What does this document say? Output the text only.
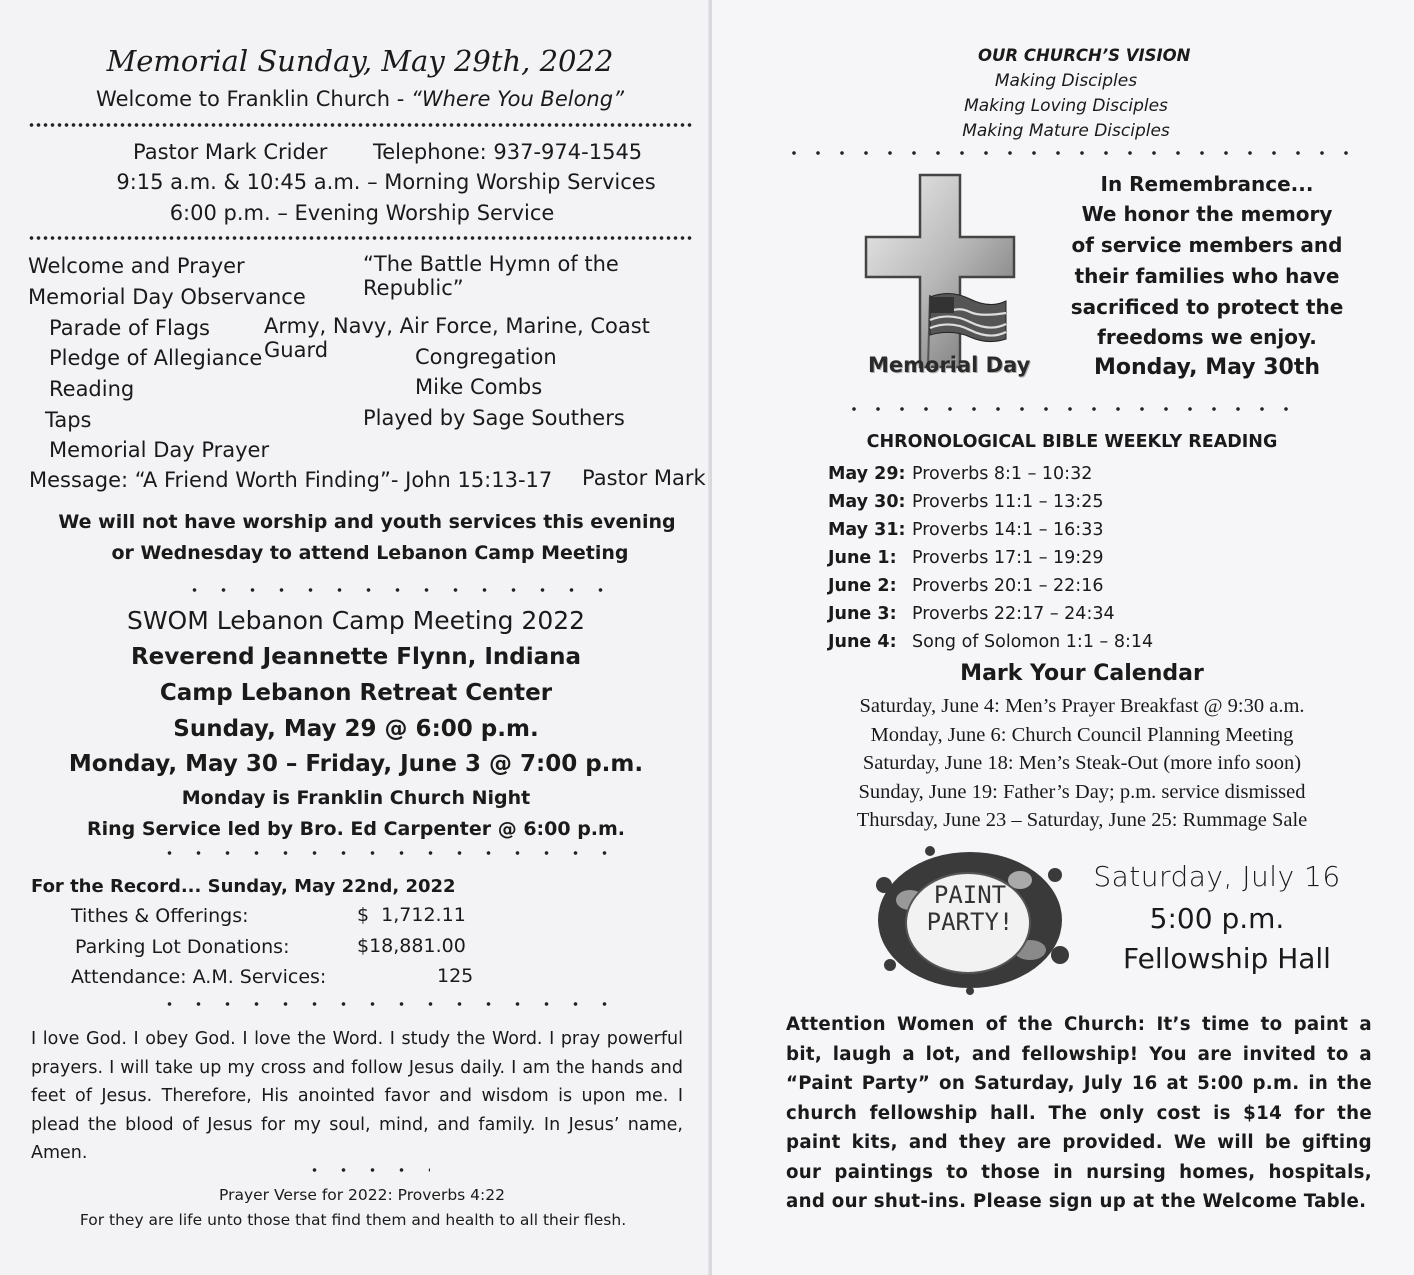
Memorial Sunday, May 29th, 2022
Welcome to Franklin Church - “Where You Belong”
Pastor Mark Crider Telephone: 937-974-1545
9:15 a.m. & 10:45 a.m. – Morning Worship Services
6:00 p.m. – Evening Worship Service
Welcome and Prayer	“The Battle Hymn of the Republic”
Memorial Day Observance
Parade of Flags	Army, Navy, Air Force, Marine, Coast Guard
Pledge of Allegiance	Congregation
Reading	Mike Combs
Taps	Played by Sage Southers
Memorial Day Prayer
Message: “A Friend Worth Finding”- John 15:13-17 Pastor Mark
We will not have worship and youth services this evening
or Wednesday to attend Lebanon Camp Meeting
SWOM Lebanon Camp Meeting 2022
Reverend Jeannette Flynn, Indiana
Camp Lebanon Retreat Center
Sunday, May 29 @ 6:00 p.m.
Monday, May 30 – Friday, June 3 @ 7:00 p.m.
Monday is Franklin Church Night
Ring Service led by Bro. Ed Carpenter @ 6:00 p.m.
For the Record... Sunday, May 22nd, 2022
Tithes & Offerings:	$  1,712.11
Parking Lot Donations:	$18,881.00
Attendance: A.M. Services:	125
I love God. I obey God. I love the Word. I study the Word. I pray powerful prayers. I will take up my cross and follow Jesus daily. I am the hands and feet of Jesus. Therefore, His anointed favor and wisdom is upon me. I plead the blood of Jesus for my soul, mind, and family. In Jesus’ name, Amen.
Prayer Verse for 2022: Proverbs 4:22
For they are life unto those that find them and health to all their flesh.
OUR CHURCH’S VISION
Making Disciples
Making Loving Disciples
Making Mature Disciples
Memorial Day
In Remembrance...
We honor the memory
of service members and
their families who have
sacrificed to protect the
freedoms we enjoy.
Monday, May 30th
CHRONOLOGICAL BIBLE WEEKLY READING
May 29: Proverbs 8:1 – 10:32
May 30: Proverbs 11:1 – 13:25
May 31: Proverbs 14:1 – 16:33
June 1: Proverbs 17:1 – 19:29
June 2: Proverbs 20:1 – 22:16
June 3: Proverbs 22:17 – 24:34
June 4: Song of Solomon 1:1 – 8:14
Mark Your Calendar
Saturday, June 4: Men’s Prayer Breakfast @ 9:30 a.m.
Monday, June 6: Church Council Planning Meeting
Saturday, June 18: Men’s Steak-Out (more info soon)
Sunday, June 19: Father’s Day; p.m. service dismissed
Thursday, June 23 – Saturday, June 25: Rummage Sale
PAINT
PARTY!
Saturday, July 16
5:00 p.m.
Fellowship Hall
Attention Women of the Church: It’s time to paint a bit, laugh a lot, and fellowship! You are invited to a “Paint Party” on Saturday, July 16 at 5:00 p.m. in the church fellowship hall. The only cost is $14 for the paint kits, and they are provided. We will be gifting our paintings to those in nursing homes, hospitals, and our shut-ins. Please sign up at the Welcome Table.
